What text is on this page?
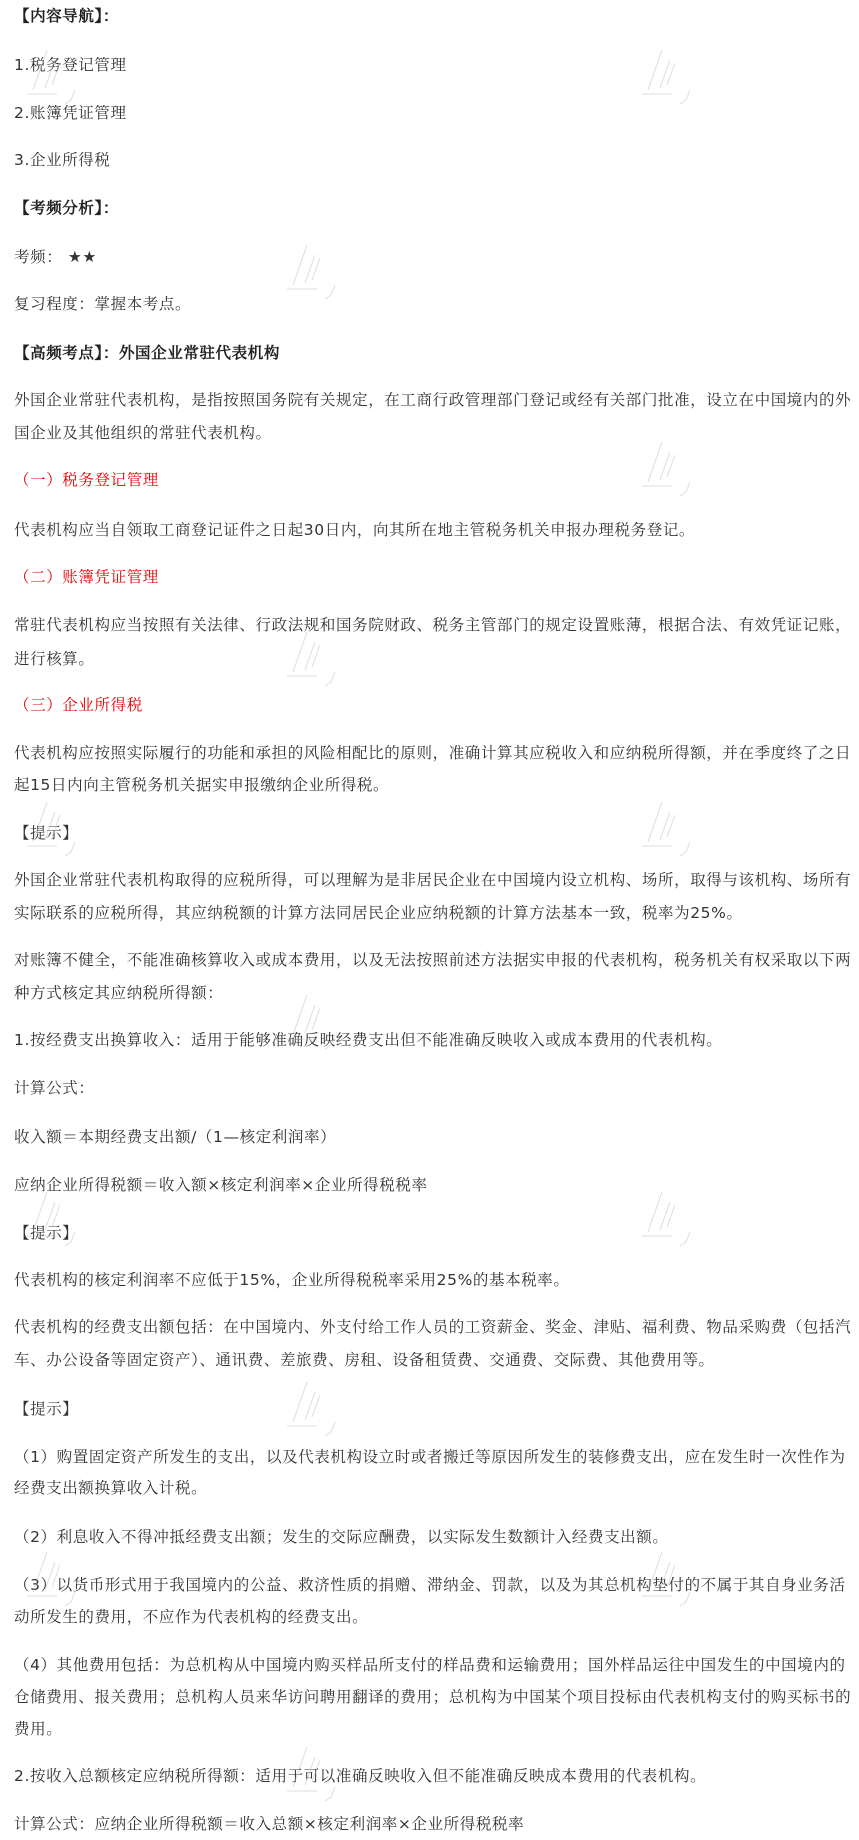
【内容导航】：
1.税务登记管理
2.账簿凭证管理
3.企业所得税
【考频分析】：
考频： ★★
复习程度：掌握本考点。
【高频考点】：外国企业常驻代表机构
外国企业常驻代表机构，是指按照国务院有关规定，在工商行政管理部门登记或经有关部门批准，设立在中国境内的外
国企业及其他组织的常驻代表机构。
（一）税务登记管理
代表机构应当自领取工商登记证件之日起30日内，向其所在地主管税务机关申报办理税务登记。
（二）账簿凭证管理
常驻代表机构应当按照有关法律、行政法规和国务院财政、税务主管部门的规定设置账薄，根据合法、有效凭证记账，
进行核算。
（三）企业所得税
代表机构应按照实际履行的功能和承担的风险相配比的原则，准确计算其应税收入和应纳税所得额，并在季度终了之日
起15日内向主管税务机关据实申报缴纳企业所得税。
【提示】
外国企业常驻代表机构取得的应税所得，可以理解为是非居民企业在中国境内设立机构、场所，取得与该机构、场所有
实际联系的应税所得，其应纳税额的计算方法同居民企业应纳税额的计算方法基本一致，税率为25%。
对账簿不健全，不能准确核算收入或成本费用，以及无法按照前述方法据实申报的代表机构，税务机关有权采取以下两
种方式核定其应纳税所得额：
1.按经费支出换算收入：适用于能够准确反映经费支出但不能准确反映收入或成本费用的代表机构。
计算公式：
收入额＝本期经费支出额/（1—核定利润率）
应纳企业所得税额＝收入额×核定利润率×企业所得税税率
【提示】
代表机构的核定利润率不应低于15%，企业所得税税率采用25%的基本税率。
代表机构的经费支出额包括：在中国境内、外支付给工作人员的工资薪金、奖金、津贴、福利费、物品采购费（包括汽
车、办公设备等固定资产）、通讯费、差旅费、房租、设备租赁费、交通费、交际费、其他费用等。
【提示】
（1）购置固定资产所发生的支出，以及代表机构设立时或者搬迁等原因所发生的装修费支出，应在发生时一次性作为
经费支出额换算收入计税。
（2）利息收入不得冲抵经费支出额；发生的交际应酬费，以实际发生数额计入经费支出额。
（3）以货币形式用于我国境内的公益、救济性质的捐赠、滞纳金、罚款，以及为其总机构垫付的不属于其自身业务活
动所发生的费用，不应作为代表机构的经费支出。
（4）其他费用包括：为总机构从中国境内购买样品所支付的样品费和运输费用；国外样品运往中国发生的中国境内的
仓储费用、报关费用；总机构人员来华访问聘用翻译的费用；总机构为中国某个项目投标由代表机构支付的购买标书的
费用。
2.按收入总额核定应纳税所得额：适用于可以准确反映收入但不能准确反映成本费用的代表机构。
计算公式：应纳企业所得税额＝收入总额×核定利润率×企业所得税税率
